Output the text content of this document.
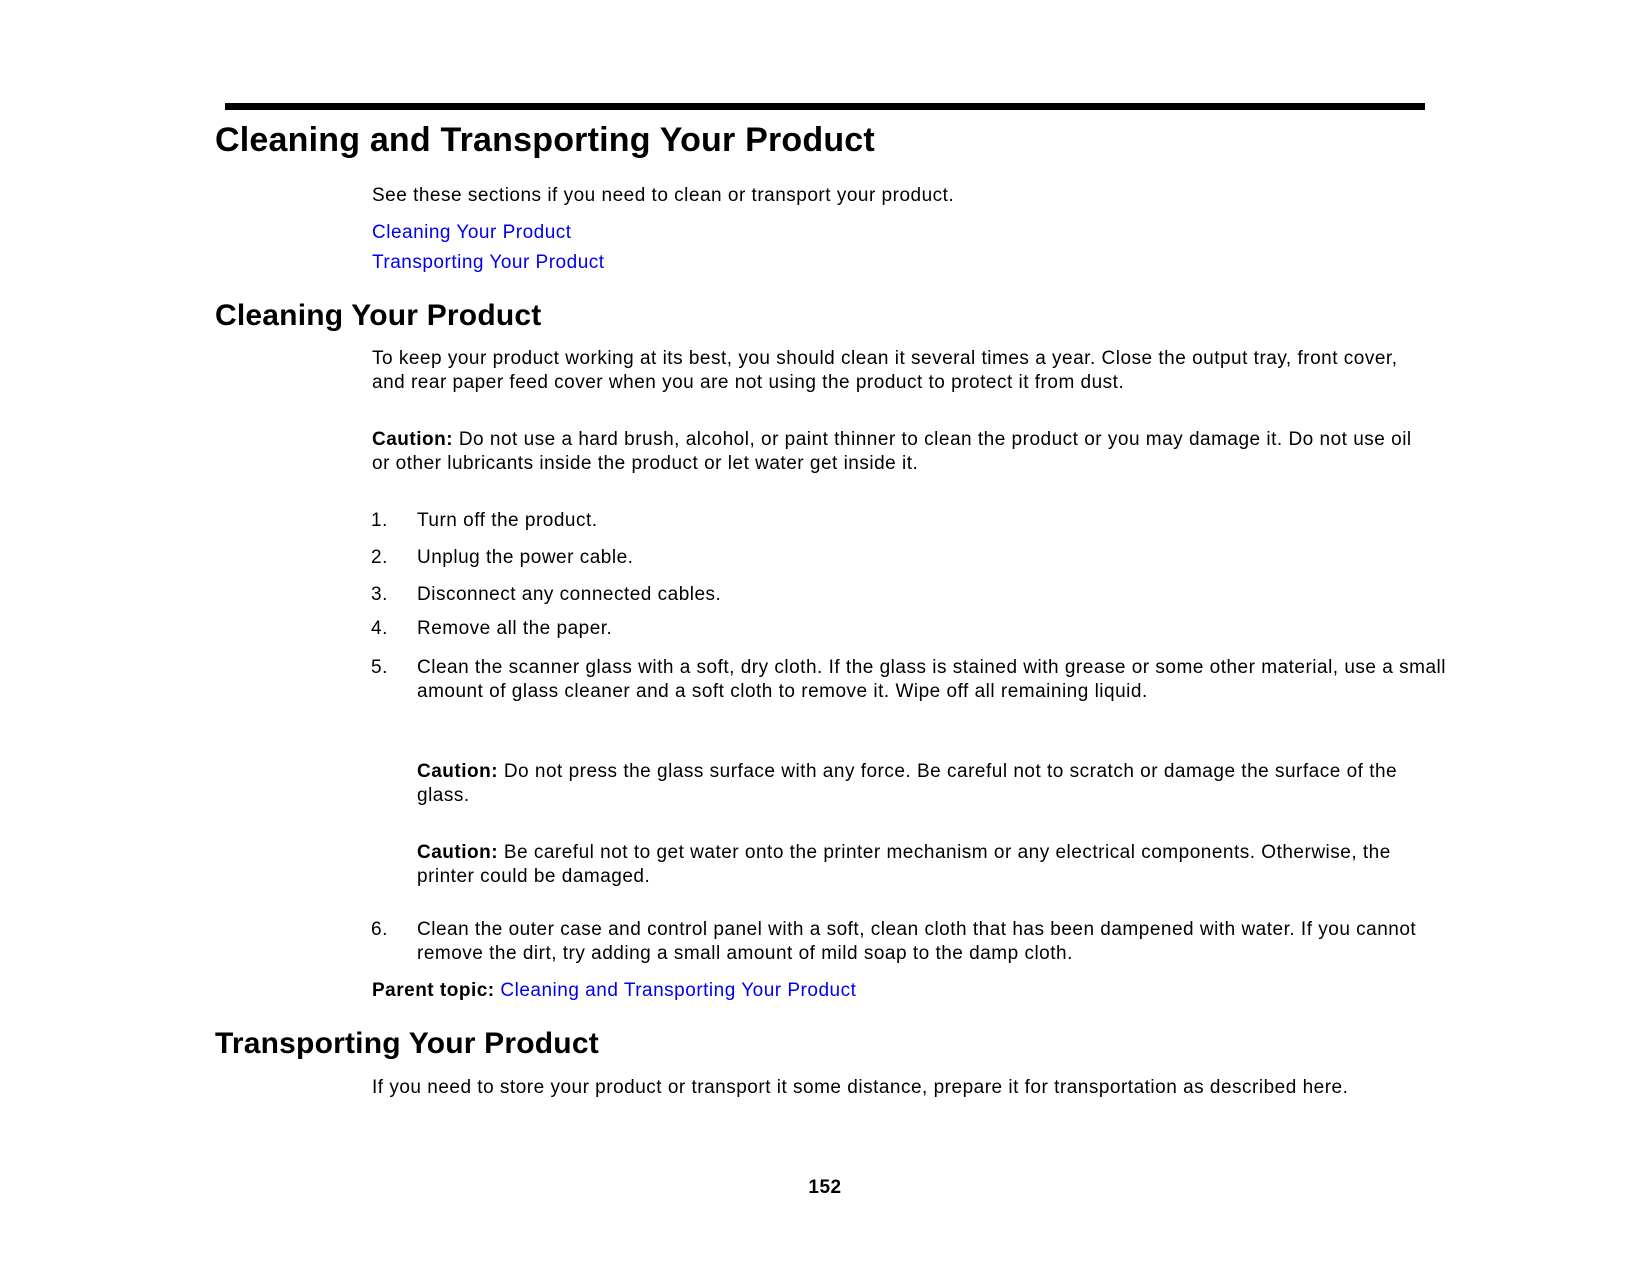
Cleaning and Transporting Your Product
See these sections if you need to clean or transport your product.
Cleaning Your Product
Transporting Your Product
Cleaning Your Product
To keep your product working at its best, you should clean it several times a year. Close the output tray, front cover, and rear paper feed cover when you are not using the product to protect it from dust.
Caution: Do not use a hard brush, alcohol, or paint thinner to clean the product or you may damage it. Do not use oil or other lubricants inside the product or let water get inside it.
1. Turn off the product.
2. Unplug the power cable.
3. Disconnect any connected cables.
4. Remove all the paper.
5. Clean the scanner glass with a soft, dry cloth. If the glass is stained with grease or some other material, use a small amount of glass cleaner and a soft cloth to remove it. Wipe off all remaining liquid.
Caution: Do not press the glass surface with any force. Be careful not to scratch or damage the surface of the glass.
Caution: Be careful not to get water onto the printer mechanism or any electrical components. Otherwise, the printer could be damaged.
6. Clean the outer case and control panel with a soft, clean cloth that has been dampened with water. If you cannot remove the dirt, try adding a small amount of mild soap to the damp cloth.
Parent topic: Cleaning and Transporting Your Product
Transporting Your Product
If you need to store your product or transport it some distance, prepare it for transportation as described here.
152
